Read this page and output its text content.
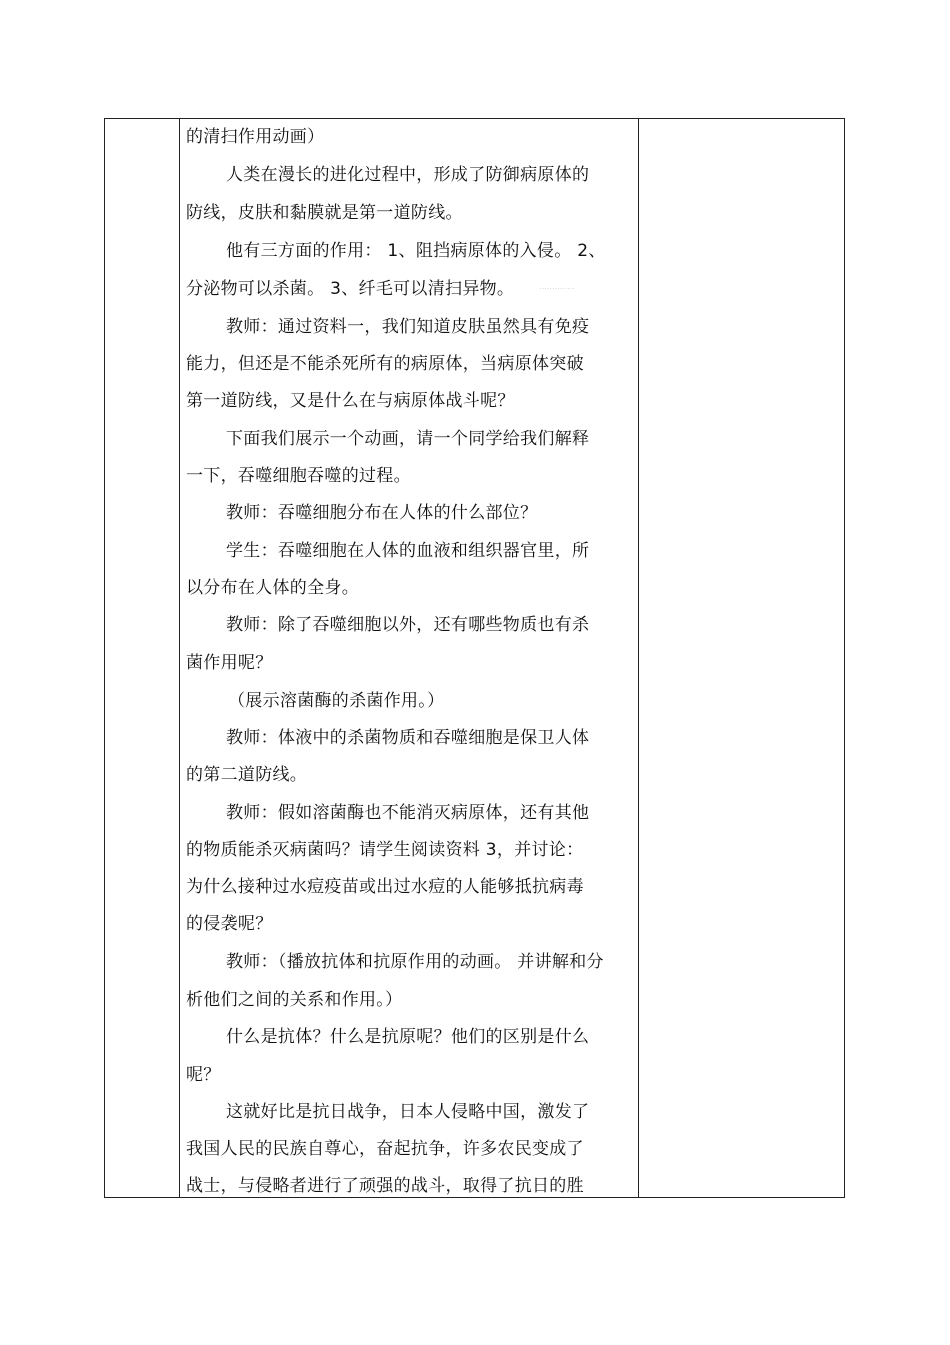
的清扫作用动画）
人类在漫长的进化过程中，形成了防御病原体的
防线，皮肤和黏膜就是第一道防线。
他有三方面的作用： 1、阻挡病原体的入侵。 2、
分泌物可以杀菌。 3、纤毛可以清扫异物。	· · · · · · · · · · · · · ·
教师：通过资料一，我们知道皮肤虽然具有免疫
能力，但还是不能杀死所有的病原体，当病原体突破
第一道防线，又是什么在与病原体战斗呢？
下面我们展示一个动画，请一个同学给我们解释
一下，吞噬细胞吞噬的过程。
教师：吞噬细胞分布在人体的什么部位？
学生：吞噬细胞在人体的血液和组织器官里，所
以分布在人体的全身。
教师：除了吞噬细胞以外，还有哪些物质也有杀
菌作用呢？
（展示溶菌酶的杀菌作用。）
教师：体液中的杀菌物质和吞噬细胞是保卫人体
的第二道防线。
教师：假如溶菌酶也不能消灭病原体，还有其他
的物质能杀灭病菌吗？请学生阅读资料 3，并讨论：
为什么接种过水痘疫苗或出过水痘的人能够抵抗病毒
的侵袭呢？
教师：（播放抗体和抗原作用的动画。 并讲解和分
析他们之间的关系和作用。）
什么是抗体？什么是抗原呢？他们的区别是什么
呢？
这就好比是抗日战争，日本人侵略中国，激发了
我国人民的民族自尊心，奋起抗争，许多农民变成了
战士，与侵略者进行了顽强的战斗，取得了抗日的胜
